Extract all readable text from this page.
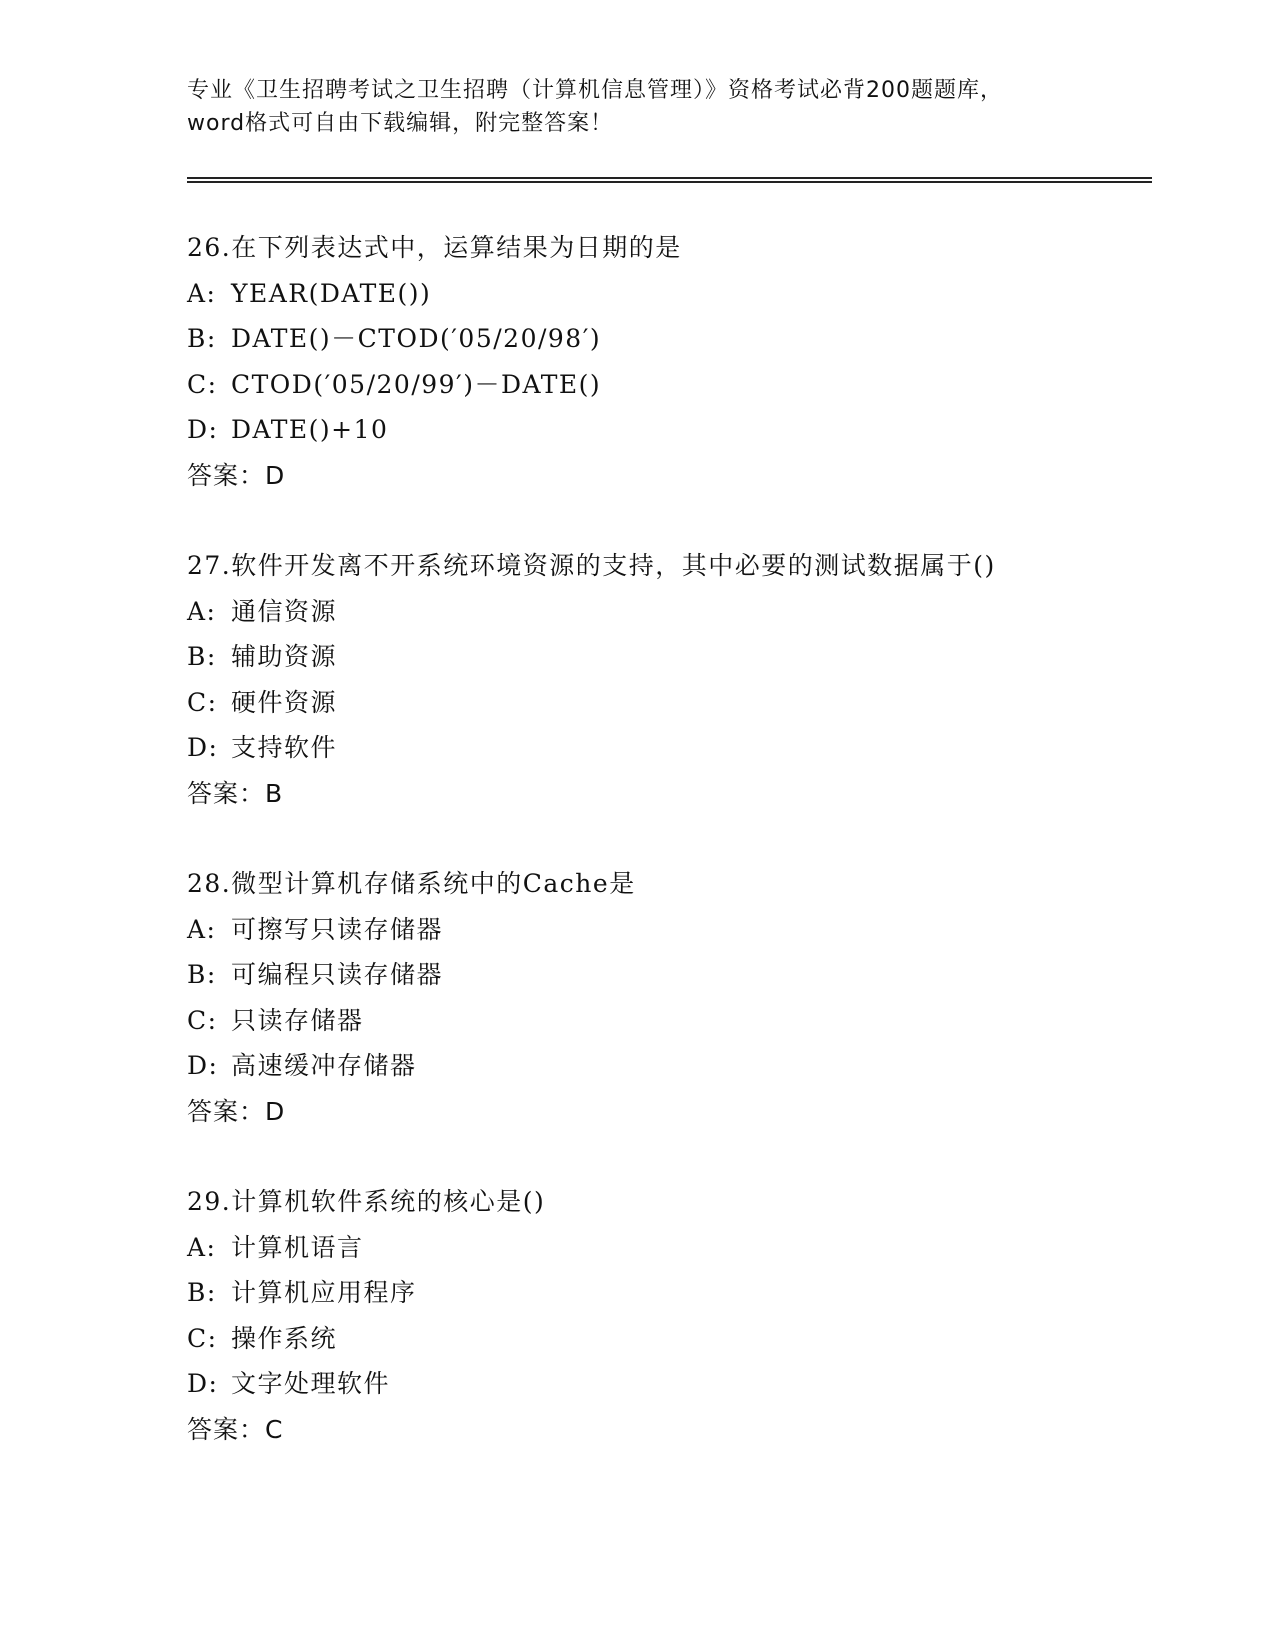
专业《卫生招聘考试之卫生招聘（计算机信息管理）》资格考试必背200题题库，
word格式可自由下载编辑，附完整答案！
26.在下列表达式中，运算结果为日期的是
A: YEAR(DATE())
B: DATE()－CTOD(′05/20/98′)
C: CTOD(′05/20/99′)－DATE()
D: DATE()+10
答案：D
27.软件开发离不开系统环境资源的支持，其中必要的测试数据属于()
A: 通信资源
B: 辅助资源
C: 硬件资源
D: 支持软件
答案：B
28.微型计算机存储系统中的Cache是
A: 可擦写只读存储器
B: 可编程只读存储器
C: 只读存储器
D: 高速缓冲存储器
答案：D
29.计算机软件系统的核心是()
A: 计算机语言
B: 计算机应用程序
C: 操作系统
D: 文字处理软件
答案：C
